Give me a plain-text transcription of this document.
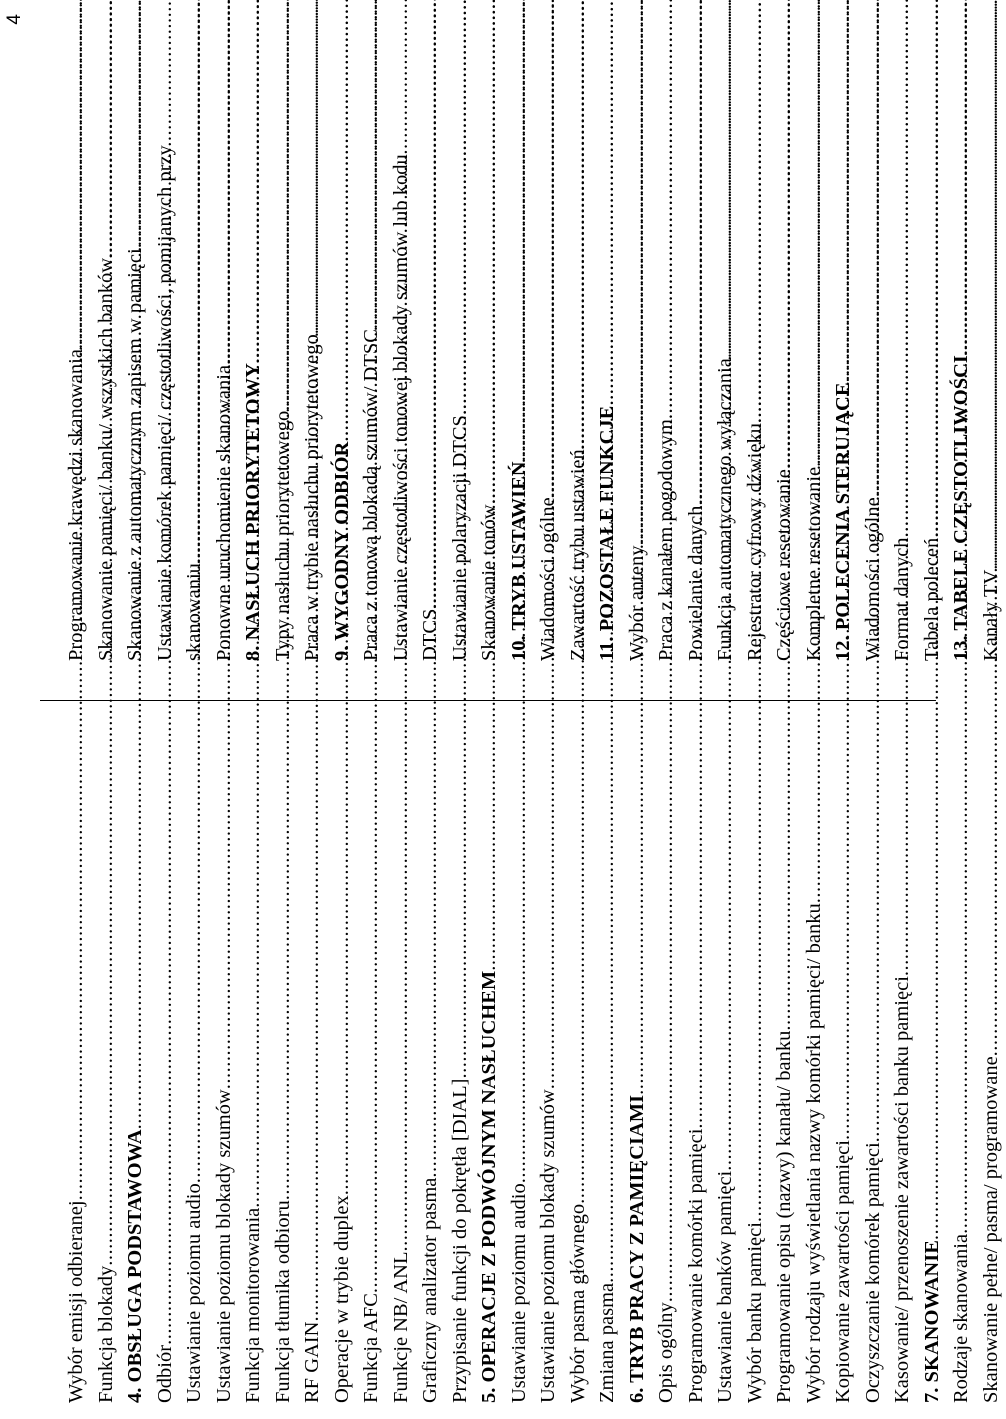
4
Wybór emisji odbieranej
..... Funkcja blokady
..... 4. OBSŁUGA PODSTAWOWA
..... Odbiór ..... Ustawianie poziomu audio
..... Ustawianie poziomu blokady szumów
..... Funkcja monitorowania
..... Funkcja tłumika odbioru
..... RF GAIN ..... Operacje w trybie duplex
..... Funkcja AFC
..... Funkcje NB/ ANL
..... Graficzny analizator pasma
..... Przypisanie funkcji do pokrętła [DIAL]
..... 5. OPERACJE Z PODWÓJNYM NASŁUCHEM
..... Ustawianie poziomu audio
..... Ustawianie poziomu blokady szumów
..... Wybór pasma głównego
..... Zmiana pasma ..... 6. TRYB PRACY Z PAMIĘCIAMI
..... Opis ogólny ..... Programowanie komórki pamięci
..... Ustawianie banków pamięci
..... Wybór banku pamięci
..... Programowanie opisu (nazwy) kanału/ banku
..... Wybór rodzaju wyświetlania nazwy komórki pamięci/ banku
..... Kopiowanie zawartości pamięci
..... Oczyszczanie komórek pamięci
..... Kasowanie/ przenoszenie zawartości banku pamięci
..... 7. SKANOWANIE
..... Rodzaje skanowania
..... Skanowanie pełne/ pasma/ programowane
.....
Programowanie krawędzi skanowania
..... Skanowanie pamięci/ banku/ wszystkich banków
..... Skanowanie z automatycznym zapisem w pamięci
..... Ustawianie komórek pamięci/ częstotliwości, pomijanych przy skanowaniu ..... Ponowne uruchomienie skanowania
..... 8. NASŁUCH PRIORYTETOWY
..... Typy nasłuchu priorytetowego
..... Praca w trybie nasłuchu priorytetowego
..... 9. WYGODNY ODBIÓR
..... Praca z tonową blokadą szumów/ DTSC
..... Ustawianie częstotliwości tonowej blokady szumów lub kodu DTCS ..... Ustawianie polaryzacji DTCS
..... Skanowanie tonów
..... 10. TRYB USTAWIEŃ
..... Wiadomości ogólne
..... Zawartość trybu ustawień
..... 11. POZOSTAŁE FUNKCJE
..... Wybór anteny
..... Praca z kanałem pogodowym
..... Powielanie danych
..... Funkcja automatycznego wyłączania
..... Rejestrator cyfrowy dźwięku
..... Częściowe resetowanie
..... Kompletne resetowanie
..... 12. POLECENIA STERUJĄCE
..... Wiadomości ogólne
..... Format danych
..... Tabela poleceń ..... 13. TABELE CZĘSTOTLIWOŚCI
..... Kanały TV
.....
